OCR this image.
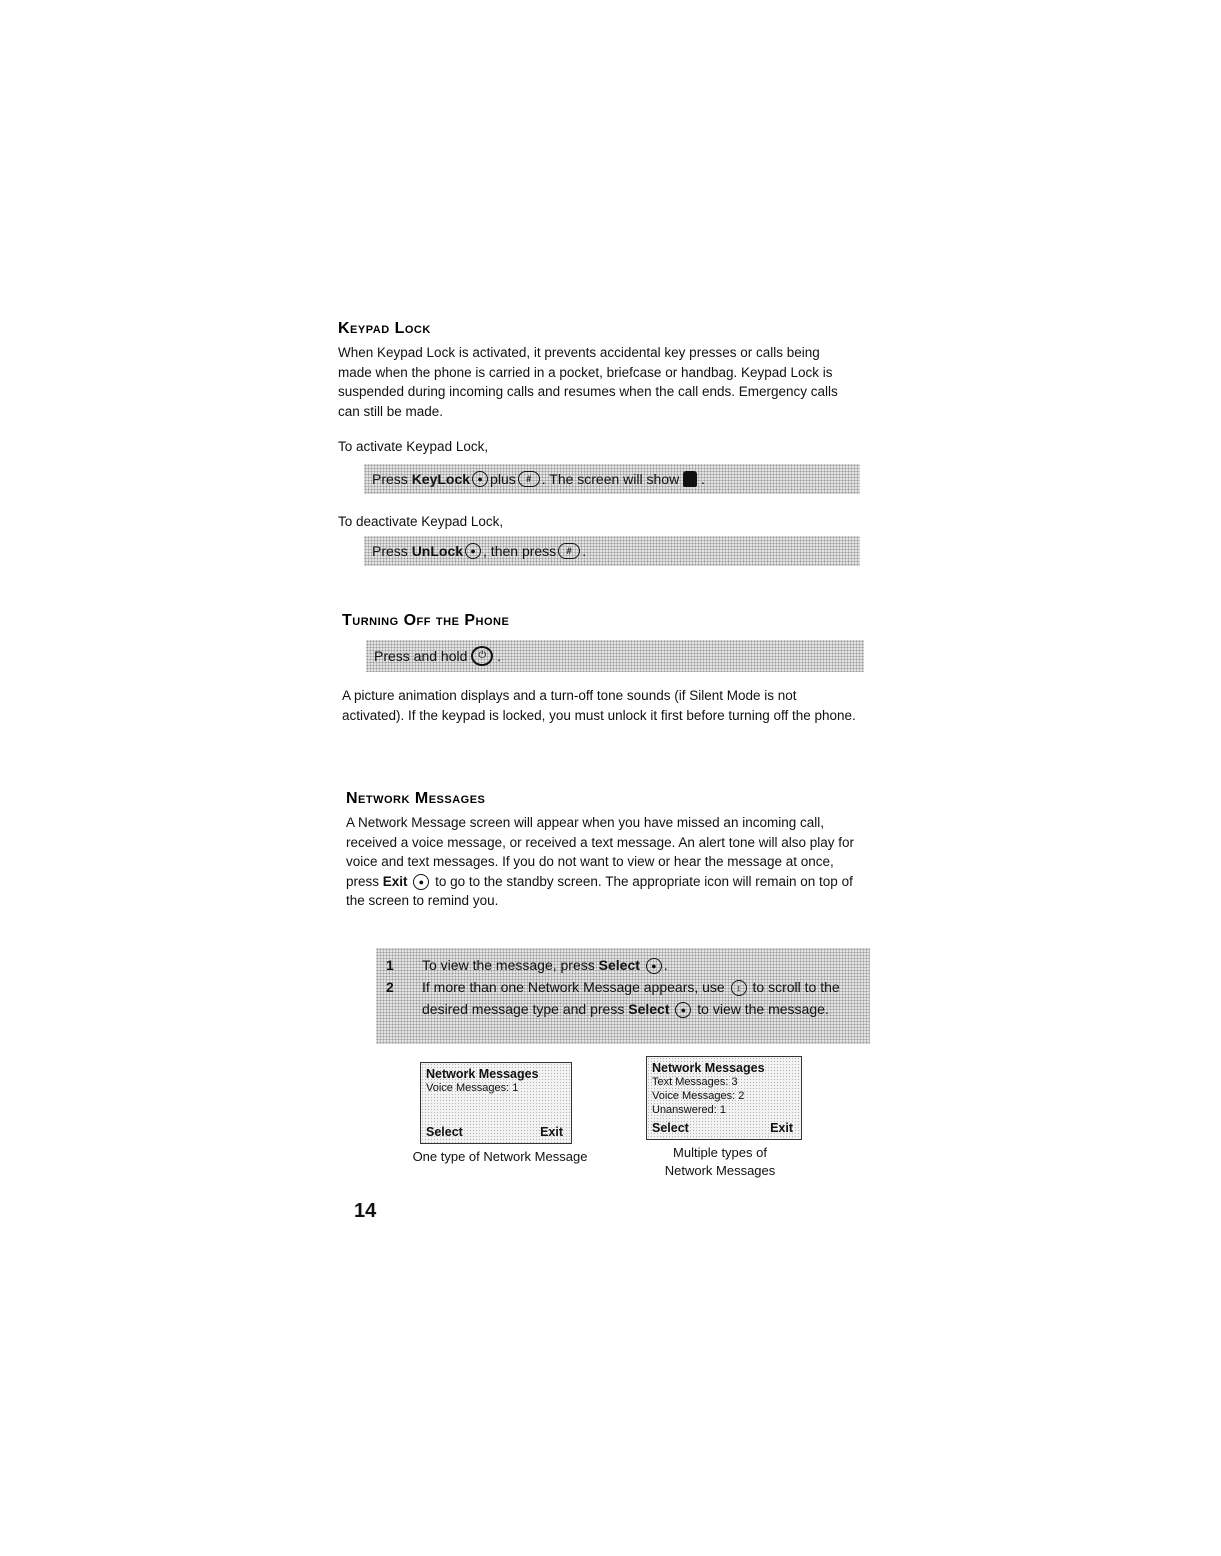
Keypad Lock

When Keypad Lock is activated, it prevents accidental key presses or calls being made when the phone is carried in a pocket, briefcase or handbag. Keypad Lock is suspended during incoming calls and resumes when the call ends. Emergency calls can still be made.

To activate Keypad Lock,

Press
KeyLock ● plus	# . The screen will show
.

To deactivate Keypad Lock,

Press
UnLock ● , then press	# .
Turning Off the Phone
Press and hold
	⏻ .

A picture animation displays and a turn-off tone sounds (if Silent Mode is not activated). If the keypad is locked, you must unlock it first before turning off the phone.

Network Messages

A Network Message screen will appear when you have missed an incoming call, received a voice message, or received a text message. An alert tone will also play for voice and text messages. If you do not want to view or hear the message at once, press Exit ● to go to the standby screen. The appropriate icon will remain on top of the screen to remind you.

1	To view the message, press Select ● .
2	If more than one Network Message appears, use ↕ to scroll to the desired message type and press Select ● to view the message.
Network Messages
Voice Messages: 1
Select	Exit
One type of Network Message
Network Messages
Text Messages: 3
Voice Messages: 2
Unanswered: 1
Select	Exit
Multiple types of
Network Messages
14
